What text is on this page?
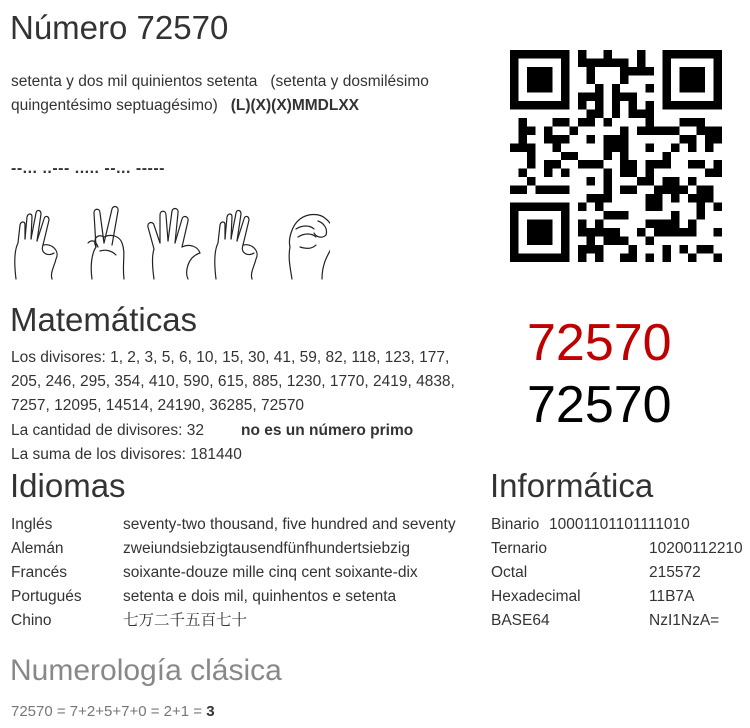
Número 72570
setenta y dos mil quinientos setenta (setenta y dosmilésimo quingentésimo septuagésimo) (L)(X)(X)MMDLXX
--... ..--- ..... --... -----
72570
72570
Matemáticas
Los divisores: 1, 2, 3, 5, 6, 10, 15, 30, 41, 59, 82, 118, 123, 177, 205, 246, 295, 354, 410, 590, 615, 885, 1230, 1770, 2419, 4838, 7257, 12095, 14514, 24190, 36285, 72570
La cantidad de divisores: 32 no es un número primo
La suma de los divisores: 181440
Idiomas
Inglés	seventy-two thousand, five hundred and seventy
Alemán	zweiundsiebzigtausendfünfhundertsiebzig
Francés	soixante-douze mille cinq cent soixante-dix
Portugués	setenta e dois mil, quinhentos e setenta
Chino	七万二千五百七十
Informática
Binario 10001101101111010
Ternario	10200112210
Octal	215572
Hexadecimal	11B7A
BASE64	NzI1NzA=
Numerología clásica
72570 = 7+2+5+7+0 = 2+1 = 3
